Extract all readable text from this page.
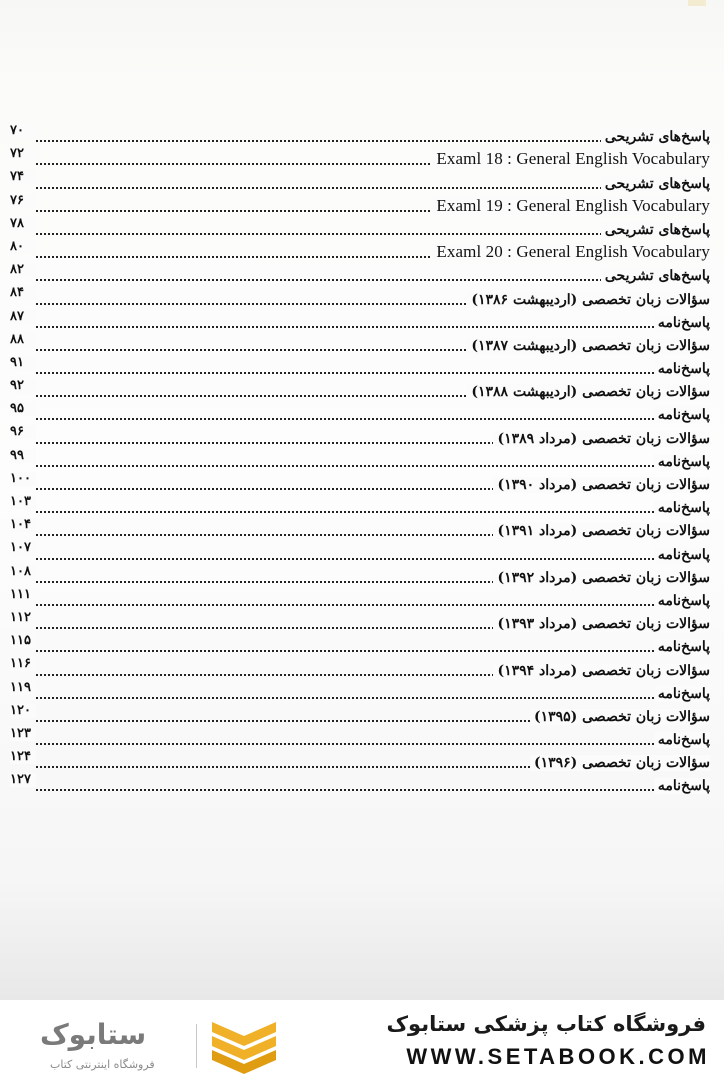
پاسخ‌های تشریحی
۷۰
Examl 18 : General English Vocabulary
۷۲
پاسخ‌های تشریحی
۷۴
Examl 19 : General English Vocabulary
۷۶
پاسخ‌های تشریحی
۷۸
Examl 20 : General English Vocabulary
۸۰
پاسخ‌های تشریحی
۸۲
سؤالات زبان تخصصی (اردیبهشت ۱۳۸۶)
۸۴
پاسخ‌نامه
۸۷
سؤالات زبان تخصصی (اردیبهشت ۱۳۸۷)
۸۸
پاسخ‌نامه
۹۱
سؤالات زبان تخصصی (اردیبهشت ۱۳۸۸)
۹۲
پاسخ‌نامه
۹۵
سؤالات زبان تخصصی (مرداد ۱۳۸۹)
۹۶
پاسخ‌نامه
۹۹
سؤالات زبان تخصصی (مرداد ۱۳۹۰)
۱۰۰
پاسخ‌نامه
۱۰۳
سؤالات زبان تخصصی (مرداد ۱۳۹۱)
۱۰۴
پاسخ‌نامه
۱۰۷
سؤالات زبان تخصصی (مرداد ۱۳۹۲)
۱۰۸
پاسخ‌نامه
۱۱۱
سؤالات زبان تخصصی (مرداد ۱۳۹۳)
۱۱۲
پاسخ‌نامه
۱۱۵
سؤالات زبان تخصصی (مرداد ۱۳۹۴)
۱۱۶
پاسخ‌نامه
۱۱۹
سؤالات زبان تخصصی (۱۳۹۵)
۱۲۰
پاسخ‌نامه
۱۲۳
سؤالات زبان تخصصی (۱۳۹۶)
۱۲۴
پاسخ‌نامه
۱۲۷
ستابوک
فروشگاه اینترنتی کتاب
فروشگاه کتاب پزشکی ستابوک
WWW.SETABOOK.COM
